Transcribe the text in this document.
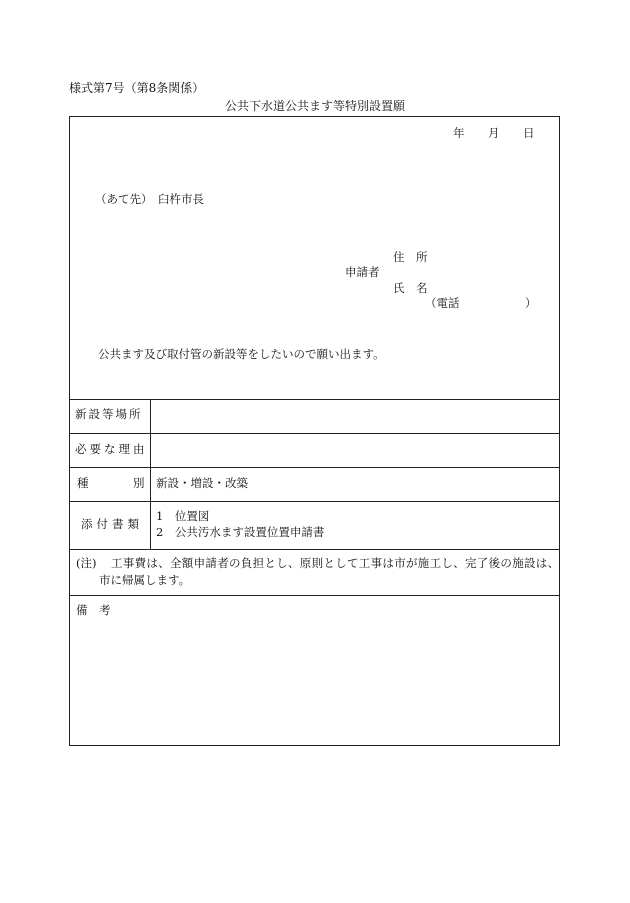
様式第7号（第8条関係）
公共下水道公共ます等特別設置願
年 月 日
（あて先） 臼杵市長
住　所
申請者
氏　名
（電話	）
公共ます及び取付管の新設等をしたいので願い出ます。
新設等場所
必要な理由
種	別 新設・増設・改築
添付書類
1　位置図
2　公共汚水ます設置位置申請書
(注) 工事費は、全額申請者の負担とし、原則として工事は市が施工し、完了後の施設は、
市に帰属します。
備　考
